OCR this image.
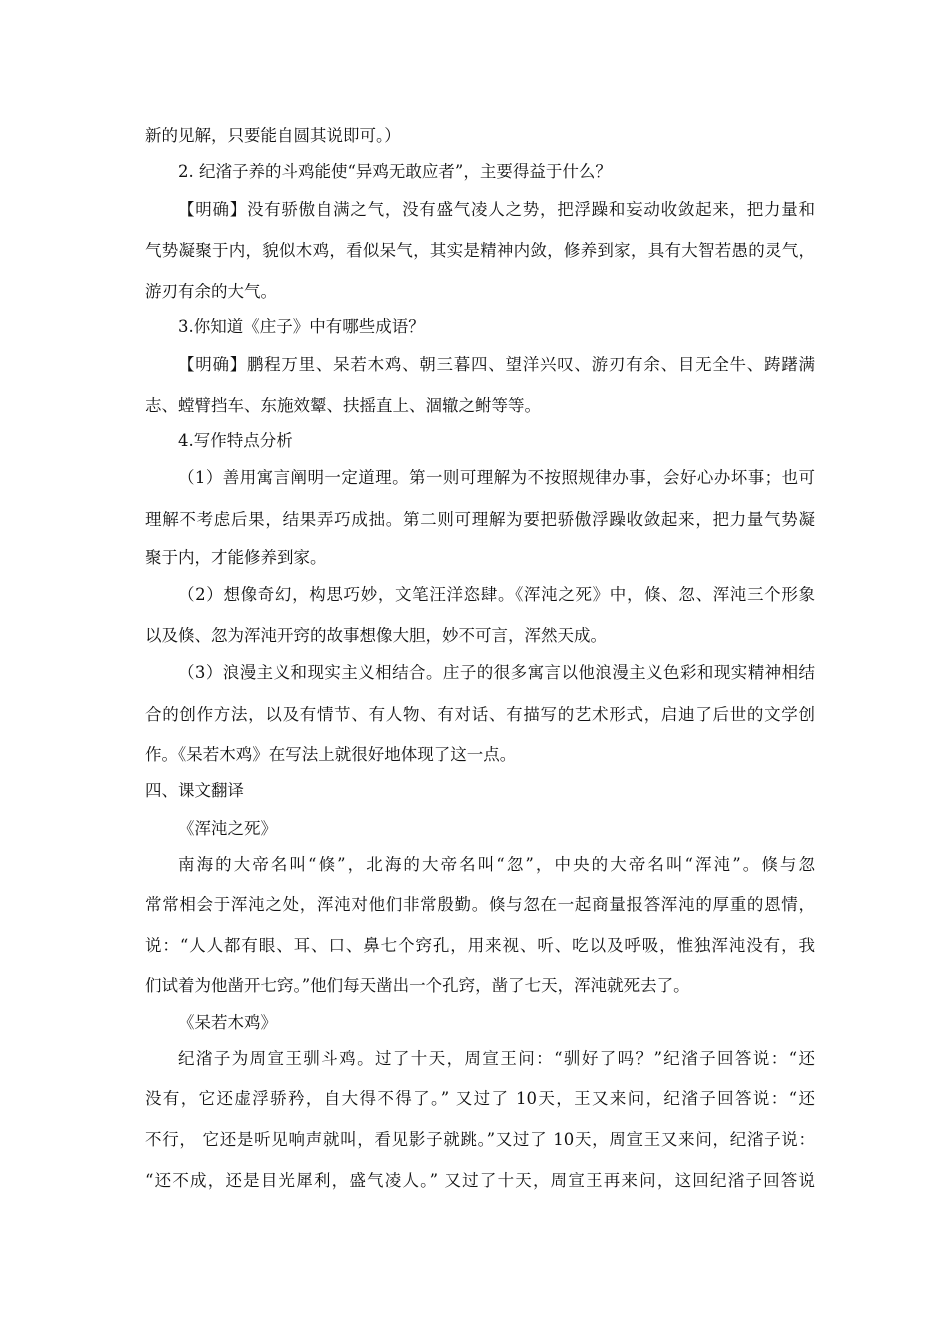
新的见解，只要能自圆其说即可。）
2. 纪渻子养的斗鸡能使“异鸡无敢应者”，主要得益于什么？
【明确】没有骄傲自满之气，没有盛气凌人之势，把浮躁和妄动收敛起来，把力量和
气势凝聚于内，貌似木鸡，看似呆气，其实是精神内敛，修养到家，具有大智若愚的灵气，
游刃有余的大气。
3.你知道《庄子》中有哪些成语？
【明确】鹏程万里、呆若木鸡、朝三暮四、望洋兴叹、游刃有余、目无全牛、踌躇满
志、螳臂挡车、东施效颦、扶摇直上、涸辙之鲋等等。
4.写作特点分析
（1）善用寓言阐明一定道理。第一则可理解为不按照规律办事，会好心办坏事；也可
理解不考虑后果，结果弄巧成拙。第二则可理解为要把骄傲浮躁收敛起来，把力量气势凝
聚于内，才能修养到家。
（2）想像奇幻，构思巧妙，文笔汪洋恣肆。《浑沌之死》中，倏、忽、浑沌三个形象
以及倏、忽为浑沌开窍的故事想像大胆，妙不可言，浑然天成。
（3）浪漫主义和现实主义相结合。庄子的很多寓言以他浪漫主义色彩和现实精神相结
合的创作方法，以及有情节、有人物、有对话、有描写的艺术形式，启迪了后世的文学创
作。《呆若木鸡》在写法上就很好地体现了这一点。
四、课文翻译
《浑沌之死》
南海的大帝名叫“倏”，北海的大帝名叫“忽”，中央的大帝名叫“浑沌”。倏与忽
常常相会于浑沌之处，浑沌对他们非常殷勤。倏与忽在一起商量报答浑沌的厚重的恩情，
说：“人人都有眼、耳、口、鼻七个窍孔，用来视、听、吃以及呼吸，惟独浑沌没有，我
们试着为他凿开七窍。”他们每天凿出一个孔窍，凿了七天，浑沌就死去了。
《呆若木鸡》
纪渻子为周宣王驯斗鸡。过了十天，周宣王问：“驯好了吗？”纪渻子回答说：“还
没有，它还虚浮骄矜，自大得不得了。” 又过了 10天，王又来问，纪渻子回答说：“还
不行， 它还是听见响声就叫，看见影子就跳。”又过了 10天，周宣王又来问，纪渻子说：
“还不成，还是目光犀利，盛气凌人。” 又过了十天，周宣王再来问，这回纪渻子回答说
